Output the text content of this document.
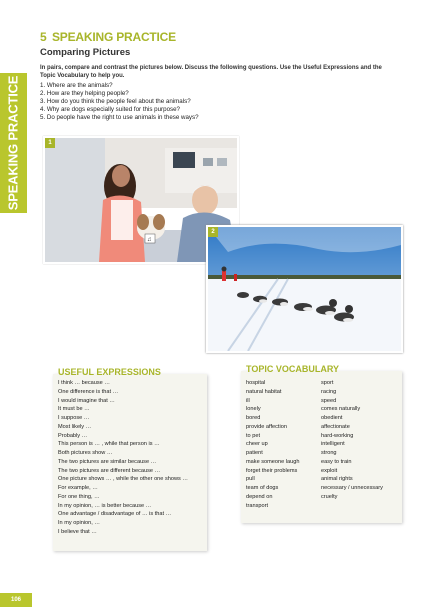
SPEAKING PRACTICE
5 SPEAKING PRACTICE
Comparing Pictures
In pairs, compare and contrast the pictures below. Discuss the following questions. Use the Useful Expressions and the Topic Vocabulary to help you.
1. Where are the animals?
2. How are they helping people?
3. How do you think the people feel about the animals?
4. Why are dogs especially suited for this purpose?
5. Do people have the right to use animals in these ways?
♫
1
2
USEFUL EXPRESSIONS
I think … because …
One difference is that …
I would imagine that …
It must be …
I suppose …
Most likely …
Probably …
This person is … , while that person is …
Both pictures show …
The two pictures are similar because …
The two pictures are different because …
One picture shows … , while the other one shows …
For example, …
For one thing, …
In my opinion, … is better because …
One advantage / disadvantage of … is that …
In my opinion, …
I believe that …
TOPIC VOCABULARY
hospital
natural habitat
ill
lonely
bored
provide affection
to pet
cheer up
patient
make someone laugh
forget their problems
pull
team of dogs
depend on
transport
sport
racing
speed
comes naturally
obedient
affectionate
hard-working
intelligent
strong
easy to train
exploit
animal rights
necessary / unnecessary
cruelty
106
